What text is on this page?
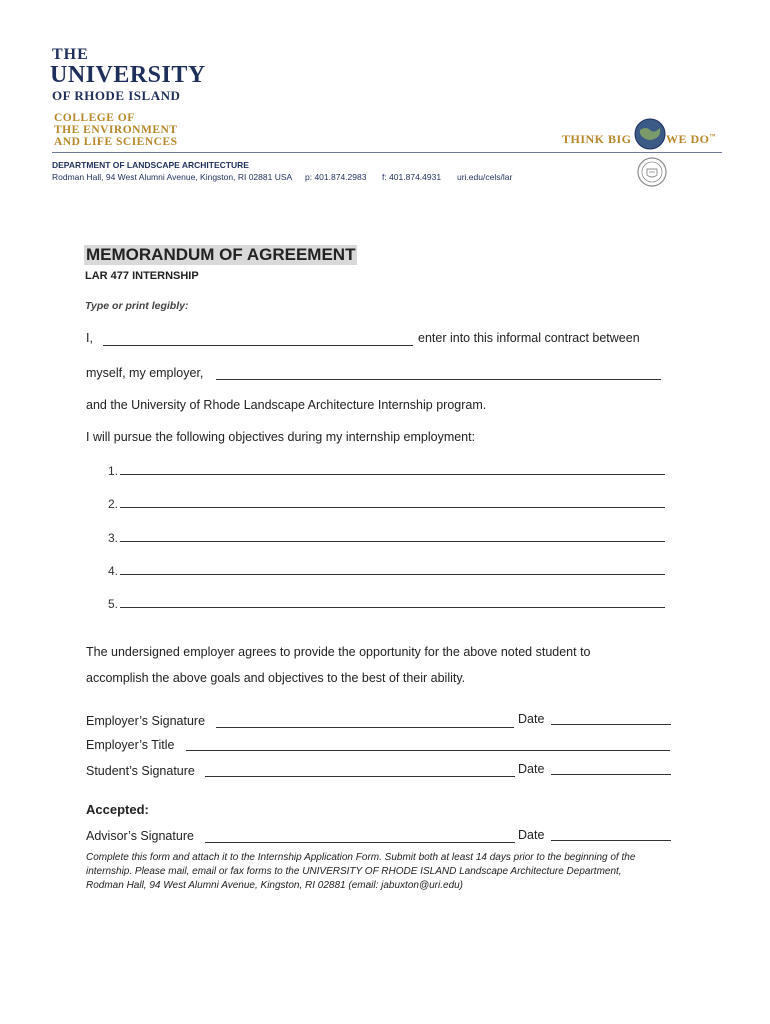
THE
UNIVERSITY
OF RHODE ISLAND
COLLEGE OF
THE ENVIRONMENT
AND LIFE SCIENCES	THINK BIG	WE DO™
DEPARTMENT OF LANDSCAPE ARCHITECTURE
Rodman Hall, 94 West Alumni Avenue, Kingston, RI 02881 USA p: 401.874.2983 f: 401.874.4931 uri.edu/cels/lar
MEMORANDUM OF AGREEMENT
LAR 477 INTERNSHIP
Type or print legibly:
I,	enter into this informal contract between
myself, my employer,
and the University of Rhode Landscape Architecture Internship program.
I will pursue the following objectives during my internship employment:
1.
2.
3.
4.
5.
The undersigned employer agrees to provide the opportunity for the above noted student to
accomplish the above goals and objectives to the best of their ability.
Employer’s Signature	Date
Employer’s Title
Student’s Signature	Date
Accepted:
Advisor’s Signature	Date
Complete this form and attach it to the Internship Application Form. Submit both at least 14 days prior to the beginning of the
internship. Please mail, email or fax forms to the UNIVERSITY OF RHODE ISLAND Landscape Architecture Department,
Rodman Hall, 94 West Alumni Avenue, Kingston, RI 02881 (email: jabuxton@uri.edu)
